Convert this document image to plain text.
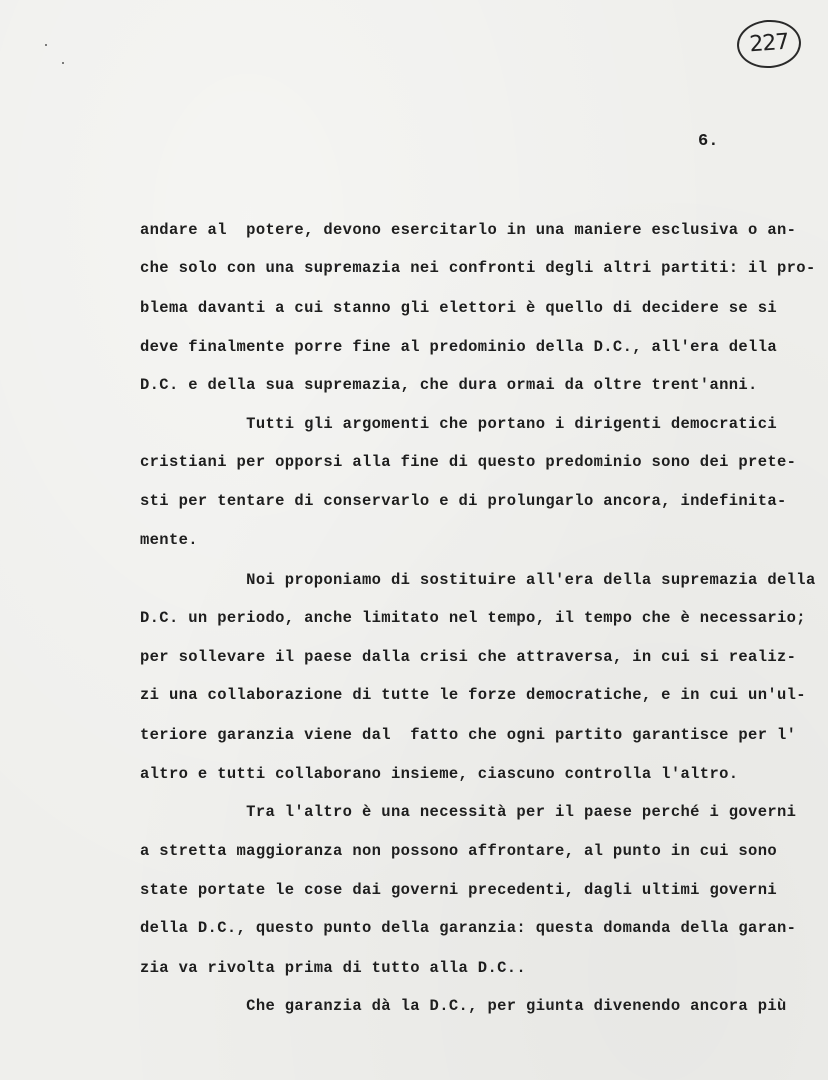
227
6.
andare al  potere, devono esercitarlo in una maniere esclusiva o an-
che solo con una supremazia nei confronti degli altri partiti: il pro-
blema davanti a cui stanno gli elettori è quello di decidere se si
deve finalmente porre fine al predominio della D.C., all'era della
D.C. e della sua supremazia, che dura ormai da oltre trent'anni.
Tutti gli argomenti che portano i dirigenti democratici
cristiani per opporsi alla fine di questo predominio sono dei prete-
sti per tentare di conservarlo e di prolungarlo ancora, indefinita-
mente.
Noi proponiamo di sostituire all'era della supremazia della
D.C. un periodo, anche limitato nel tempo, il tempo che è necessario;
per sollevare il paese dalla crisi che attraversa, in cui si realiz-
zi una collaborazione di tutte le forze democratiche, e in cui un'ul-
teriore garanzia viene dal  fatto che ogni partito garantisce per l'
altro e tutti collaborano insieme, ciascuno controlla l'altro.
Tra l'altro è una necessità per il paese perché i governi
a stretta maggioranza non possono affrontare, al punto in cui sono
state portate le cose dai governi precedenti, dagli ultimi governi
della D.C., questo punto della garanzia: questa domanda della garan-
zia va rivolta prima di tutto alla D.C..
Che garanzia dà la D.C., per giunta divenendo ancora più
